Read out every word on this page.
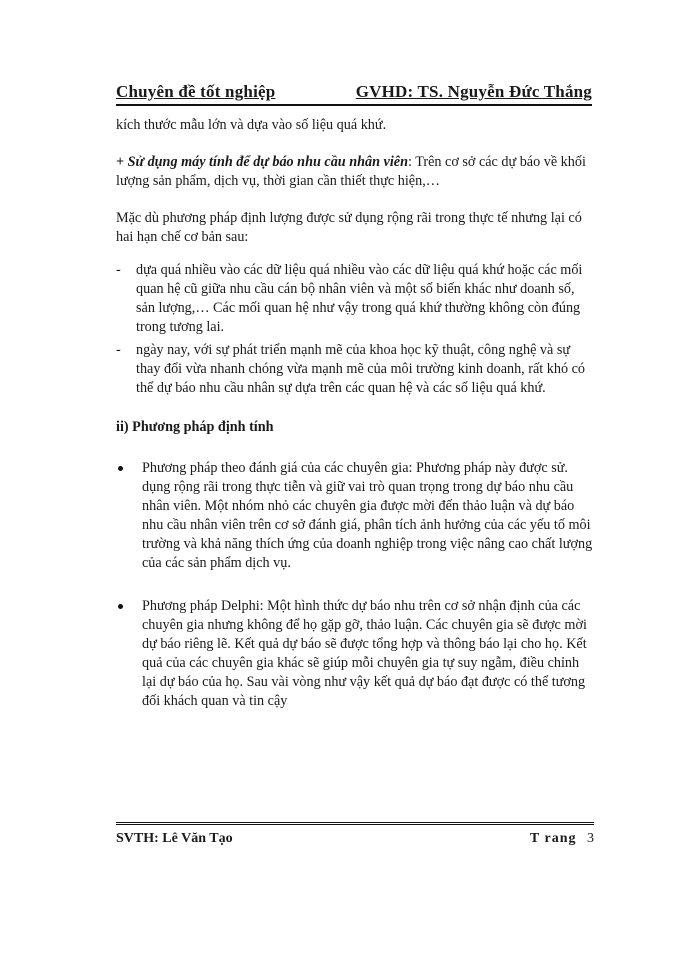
Chuyên đề tốt nghiệp	GVHD: TS. Nguyễn Đức Thắng

kích thước mẫu lớn và dựa vào số liệu quá khứ.

+ Sử dụng máy tính để dự báo nhu cầu nhân viên: Trên cơ sở các dự báo về khối lượng sản phẩm, dịch vụ, thời gian cần thiết thực hiện,…

Mặc dù phương pháp định lượng được sử dụng rộng rãi trong thực tế nhưng lại có hai hạn chế cơ bản sau:

- dựa quá nhiều vào các dữ liệu quá nhiều vào các dữ liệu quá khứ hoặc các mối quan hệ cũ giữa nhu cầu cán bộ nhân viên và một số biến khác như doanh số, sản lượng,… Các mối quan hệ như vậy trong quá khứ thường không còn đúng trong tương lai.
- ngày nay, với sự phát triển mạnh mẽ của khoa học kỹ thuật, công nghệ và sự thay đổi vừa nhanh chóng vừa mạnh mẽ của môi trường kinh doanh, rất khó có thể dự báo nhu cầu nhân sự dựa trên các quan hệ và các số liệu quá khứ.

ii) Phương pháp định tính

Phương pháp theo đánh giá của các chuyên gia: Phương pháp này được sử. dụng rộng rãi trong thực tiễn và giữ vai trò quan trọng trong dự báo nhu cầu nhân viên. Một nhóm nhỏ các chuyên gia được mời đến thảo luận và dự báo nhu cầu nhân viên trên cơ sở đánh giá, phân tích ảnh hưởng của các yếu tố môi trường và khả năng thích ứng của doanh nghiệp trong việc nâng cao chất lượng của các sản phẩm dịch vụ.
Phương pháp Delphi: Một hình thức dự báo nhu trên cơ sở nhận định của các chuyên gia nhưng không để họ gặp gỡ, thảo luận. Các chuyên gia sẽ được mời dự báo riêng lẽ. Kết quả dự báo sẽ được tổng hợp và thông báo lại cho họ. Kết quả của các chuyên gia khác sẽ giúp mỗi chuyên gia tự suy ngẫm, điều chỉnh lại dự báo của họ. Sau vài vòng như vậy kết quả dự báo đạt được có thể tương đối khách quan và tin cậy
SVTH: Lê Văn Tạo	T rang 3
